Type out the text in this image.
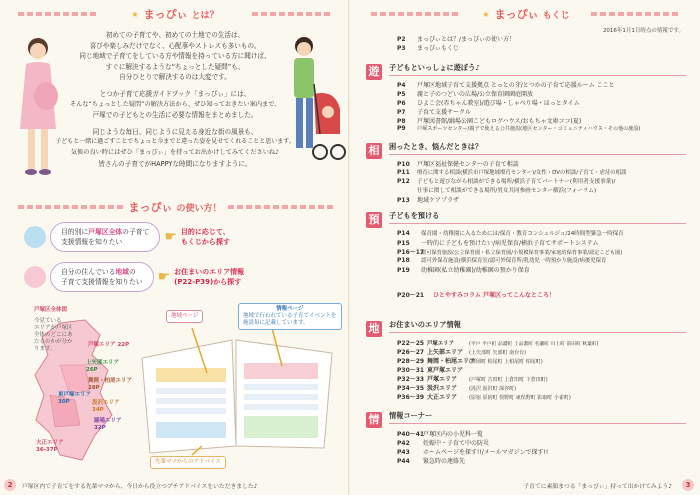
★ まっぴぃ とは？

初めての子育てや、初めての土地での生活は、

喜びや楽しみだけでなく、心配事やストレスも多いもの。

同じ地域で子育てをしている方や情報を持っている方に聞けば、

すぐに解決するような“ちょっとした疑問”も、

自分ひとりで解決するのは大変です。

とつか子育て応援ガイドブック「まっぴぃ」には、

そんな“ちょっとした疑問”の解決方法から、ぜひ知っておきたい案内まで、

戸塚での子どもとの生活に必要な情報をまとめました。

同じような毎日、同じように見える身近な街の風景も、

子どもと一緒に過ごすことでちょっと今までと違った姿を見せてくれることと思います。

気候の良い時にはぜひ「まっぴぃ」を持ってお出かけしてみてくださいね♪

皆さんの子育てがHAPPYな時間になりますように。

まっぴぃ の使い方！
目的別に戸塚区全体の子育て
支援情報を知りたい	☛ 目的に応じて、
もくじから探す
自分の住んでいる地域の
子育て支援情報を知りたい ☛ お住まいのエリア情報
(P22-P39)から探す
戸塚区全体図
今見ている
エリアが戸塚区
全体のどこにあ
たるのかが分か
ります。
上矢部エリア
26P
戸塚エリア 22P
舞岡・柏尾エリア
28P
東戸塚エリア
30P	汲沢エリア
34P
踊場エリア
32P
大正エリア
36-37P
地域ページ
情報ページ
地域で行われている子育てイベントを
施設毎に記載しています。
先輩ママからのアドバイス
2	戸塚区内で子育てをする先輩ママから、今日から役立つプチアドバイスをいただきました♪
★ まっぴぃ もくじ
2016年1月1日時点の情報です。
P2 まっぴぃとは？/まっぴぃの使い方！
P3 まっぴぃもくじ
遊	子どもといっしょに遊ぼう♪
P4 戸塚区地域子育て支援拠点 とっとの芽/とつかの子育て応援ルーム ここと
P5 親と子のつどいの広場/公立保育園園庭開放
P6 ひよこ会(赤ちゃん教室)/遊び場・しゃべり場・ほっとタイム
P7 子育て支援サークル
P8 戸塚図書館/踊場公園こどもログハウス/おもちゃ文庫ココ(夏)
P9 戸塚スポーツセンター/親子で使える公共施設(地区センター・コミュニティハウス・その他の施設)
相	困ったとき、悩んだときは？
P10 戸塚区福祉保健センターの子育て相談
P11 療育に関する相談(横浜市戸塚地域療育センター)/女性・DVの相談/子育て・虐待の相談
P12 子どもと遊びながら相談ができる場所/横浜子育てパートナー(利用者支援事業)/
仕事に関して相談ができる場所/男女共同参画センター横浜(フォーラム)
P13 地域ケアプラザ
預	子どもを預ける
P14 保育園・幼稚園に入るためには/保育・教育コンシェルジュ/24時間型緊急一時保育
P15 一時的に子どもを預けたい/病児保育/横浜子育てサポートシステム
P16～17認可保育施設(公立保育園・私立保育園/小規模保育事業/家庭的保育事業/認定こども園)
P18 認可外保育施設(横浜保育室/認可外保育所/乳幼児一時預かり施設/病後児保育
P19 幼稚園(私立幼稚園)/幼稚園の預かり保育
P20～21 ひとやすみコラム 戸塚区ってこんなところ！
地	お住まいのエリア情報
P22～25 戸塚エリア	(平戸 平戸町 品濃町 上品濃町 名瀬町 川上町 前田町 秋葉町)
P26～27 上矢部エリア (上矢部町 矢部町 南台台)
P28～29 舞岡・柏尾エリア(舞岡町 柏尾町 上柏尾町 柏尾町)
P30～31 東戸塚エリア
P32～33 戸塚エリア (戸塚町 吉田町 上倉田町 下倉田町)
P34～35 汲沢エリア (汲沢 汲沢町 深谷町)
P36～39 大正エリア (原宿 原宿町 俣野町 東俣野町 影取町 小雀町)
情	情報コーナー
P40～41戸塚区内の小児科一覧
P42 妊娠中・子育て中の防災
P43 ホームページを探す!!/メールマガジンで探す!!
P44 緊急時の連絡先
子育てに素顔まつる「まっぴぃ」持って出かけてみよう♪	3
